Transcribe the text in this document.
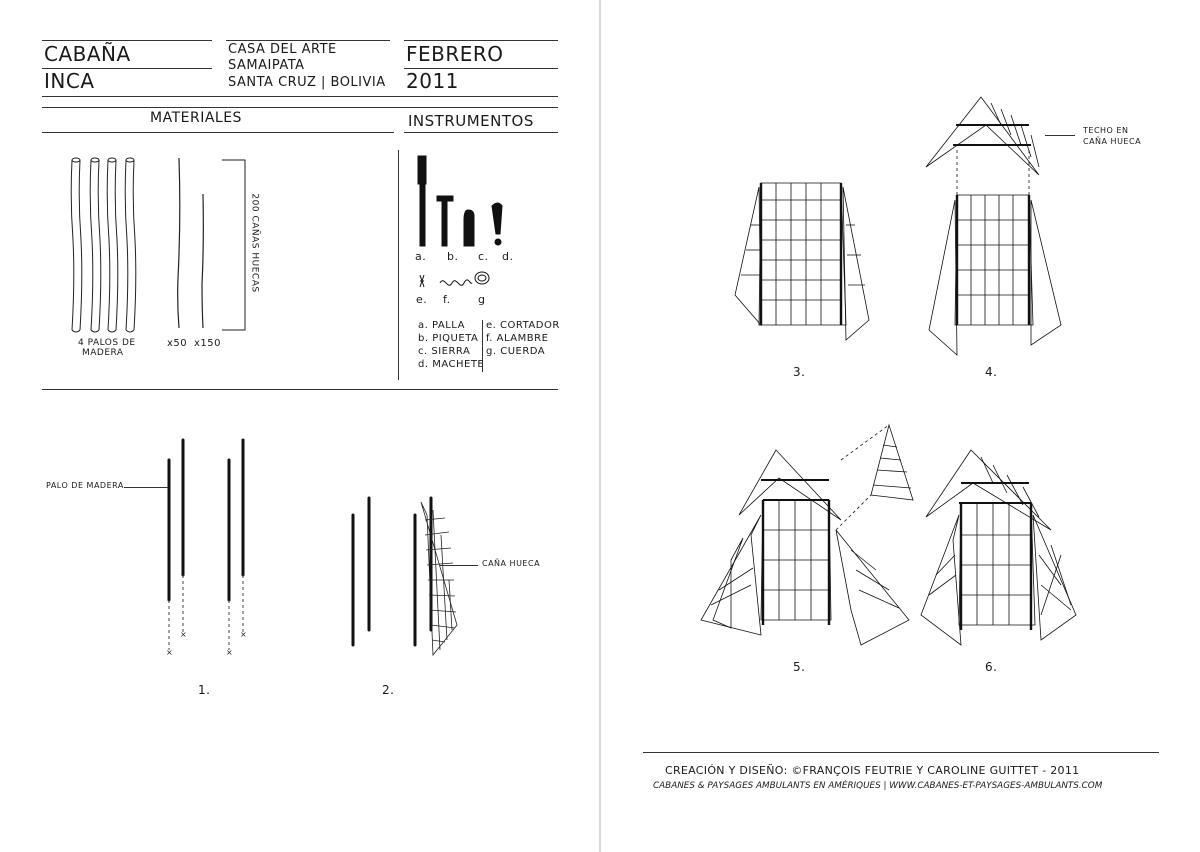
CABAÑA
INCA
CASA DEL ARTE
SAMAIPATA
SANTA CRUZ | BOLIVIA
FEBRERO
2011
MATERIALES	INSTRUMENTOS
4 PALOS DE
MADERA
x50 x150
200 CAÑAS HUECAS	a. b. c. d.
e. f. g
a. PALLA
b. PIQUETA
c. SIERRA
d. MACHETE
e. CORTADOR
f. ALAMBRE
g. CUERDA
×
×
×
×
PALO DE MADERA
1.
CAÑA HUECA
2.
3.
TECHO EN
CAÑA HUECA
4.
5.	6.
CREACIÓN Y DISEÑO: ©FRANÇOIS FEUTRIE Y CAROLINE GUITTET - 2011
CABANES & PAYSAGES AMBULANTS EN AMÉRIQUES | WWW.CABANES-ET-PAYSAGES-AMBULANTS.COM
